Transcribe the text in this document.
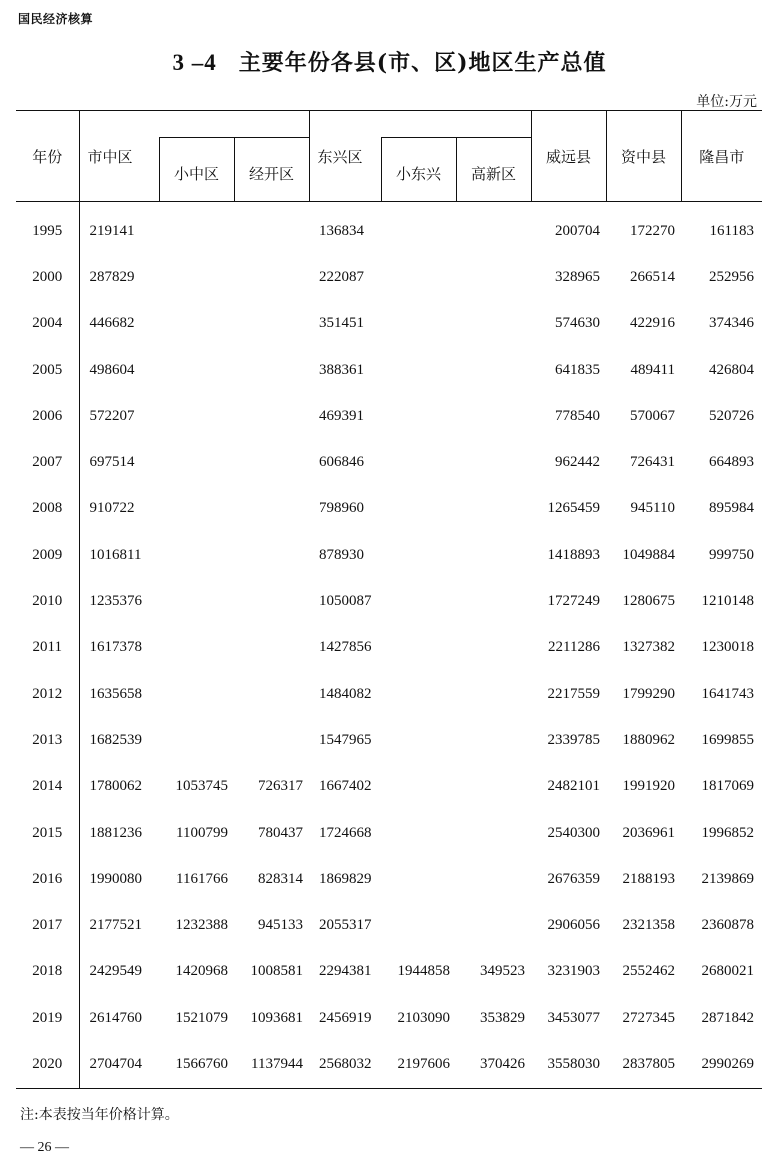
国民经济核算
3 –4 主要年份各县(市、区)地区生产总值
单位:万元
年份	市中区			东兴区			威远县	资中县	隆昌市
		小中区	经开区		小东兴	高新区			
1995	219141			136834			200704	172270	161183
2000	287829			222087			328965	266514	252956
2004	446682			351451			574630	422916	374346
2005	498604			388361			641835	489411	426804
2006	572207			469391			778540	570067	520726
2007	697514			606846			962442	726431	664893
2008	910722			798960			1265459	945110	895984
2009	1016811			878930			1418893	1049884	999750
2010	1235376			1050087			1727249	1280675	1210148
2011	1617378			1427856			2211286	1327382	1230018
2012	1635658			1484082			2217559	1799290	1641743
2013	1682539			1547965			2339785	1880962	1699855
2014	1780062	1053745	726317	1667402			2482101	1991920	1817069
2015	1881236	1100799	780437	1724668			2540300	2036961	1996852
2016	1990080	1161766	828314	1869829			2676359	2188193	2139869
2017	2177521	1232388	945133	2055317			2906056	2321358	2360878
2018	2429549	1420968	1008581	2294381	1944858	349523	3231903	2552462	2680021
2019	2614760	1521079	1093681	2456919	2103090	353829	3453077	2727345	2871842
2020	2704704	1566760	1137944	2568032	2197606	370426	3558030	2837805	2990269
注:本表按当年价格计算。
— 26 —
